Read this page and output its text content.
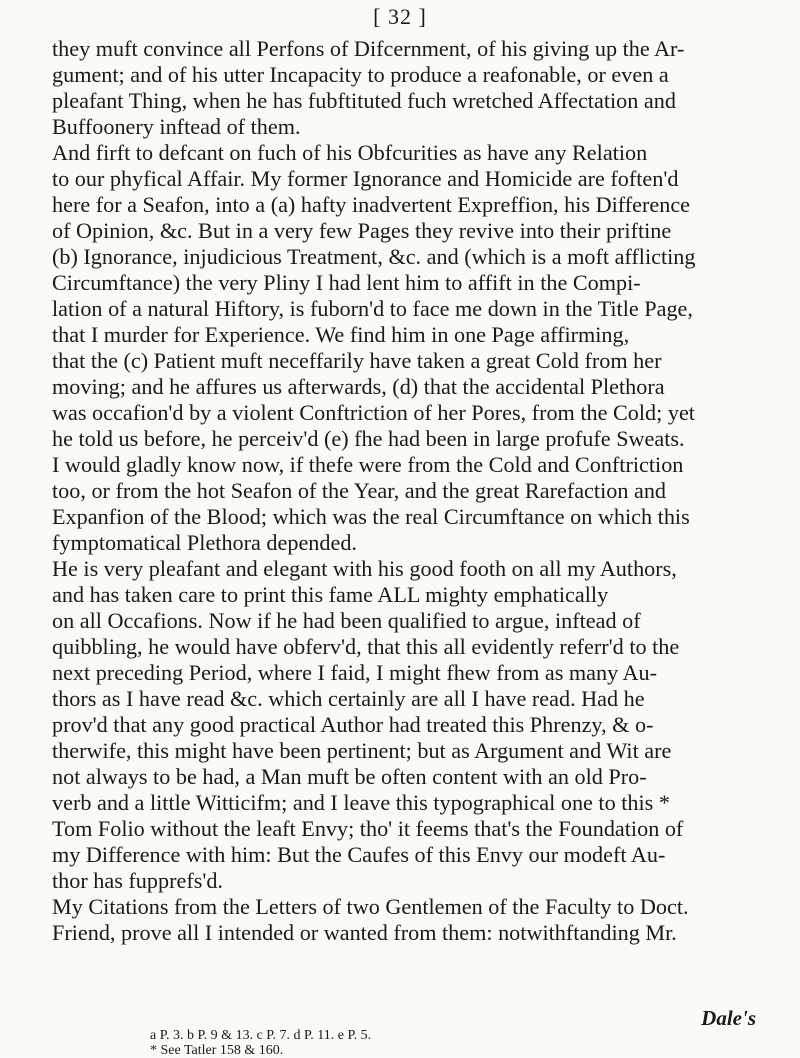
[ 32 ]
they muft convince all Perfons of Difcernment, of his giving up the Ar-
gument; and of his utter Incapacity to produce a reafonable, or even a
pleafant Thing, when he has fubftituted fuch wretched Affectation and
Buffoonery inftead of them.
And firft to defcant on fuch of his Obfcurities as have any Relation
to our phyfical Affair. My former Ignorance and Homicide are foften'd
here for a Seafon, into a (a) hafty inadvertent Expreffion, his Difference
of Opinion, &c. But in a very few Pages they revive into their priftine
(b) Ignorance, injudicious Treatment, &c. and (which is a moft afflicting
Circumftance) the very Pliny I had lent him to affift in the Compi-
lation of a natural Hiftory, is fuborn'd to face me down in the Title Page,
that I murder for Experience. We find him in one Page affirming,
that the (c) Patient muft neceffarily have taken a great Cold from her
moving; and he affures us afterwards, (d) that the accidental Plethora
was occafion'd by a violent Conftriction of her Pores, from the Cold; yet
he told us before, he perceiv'd (e) fhe had been in large profufe Sweats.
I would gladly know now, if thefe were from the Cold and Conftriction
too, or from the hot Seafon of the Year, and the great Rarefaction and
Expanfion of the Blood; which was the real Circumftance on which this
fymptomatical Plethora depended.
He is very pleafant and elegant with his good footh on all my Authors,
and has taken care to print this fame ALL mighty emphatically
on all Occafions. Now if he had been qualified to argue, inftead of
quibbling, he would have obferv'd, that this all evidently referr'd to the
next preceding Period, where I faid, I might fhew from as many Au-
thors as I have read &c. which certainly are all I have read. Had he
prov'd that any good practical Author had treated this Phrenzy, & o-
therwife, this might have been pertinent; but as Argument and Wit are
not always to be had, a Man muft be often content with an old Pro-
verb and a little Witticifm; and I leave this typographical one to this *
Tom Folio without the leaft Envy; tho' it feems that's the Foundation of
my Difference with him: But the Caufes of this Envy our modeft Au-
thor has fupprefs'd.
My Citations from the Letters of two Gentlemen of the Faculty to Doct.
Friend, prove all I intended or wanted from them: notwithftanding Mr.
Dale's
a P. 3. b P. 9 & 13. c P. 7. d P. 11. e P. 5.
* See Tatler 158 & 160.
